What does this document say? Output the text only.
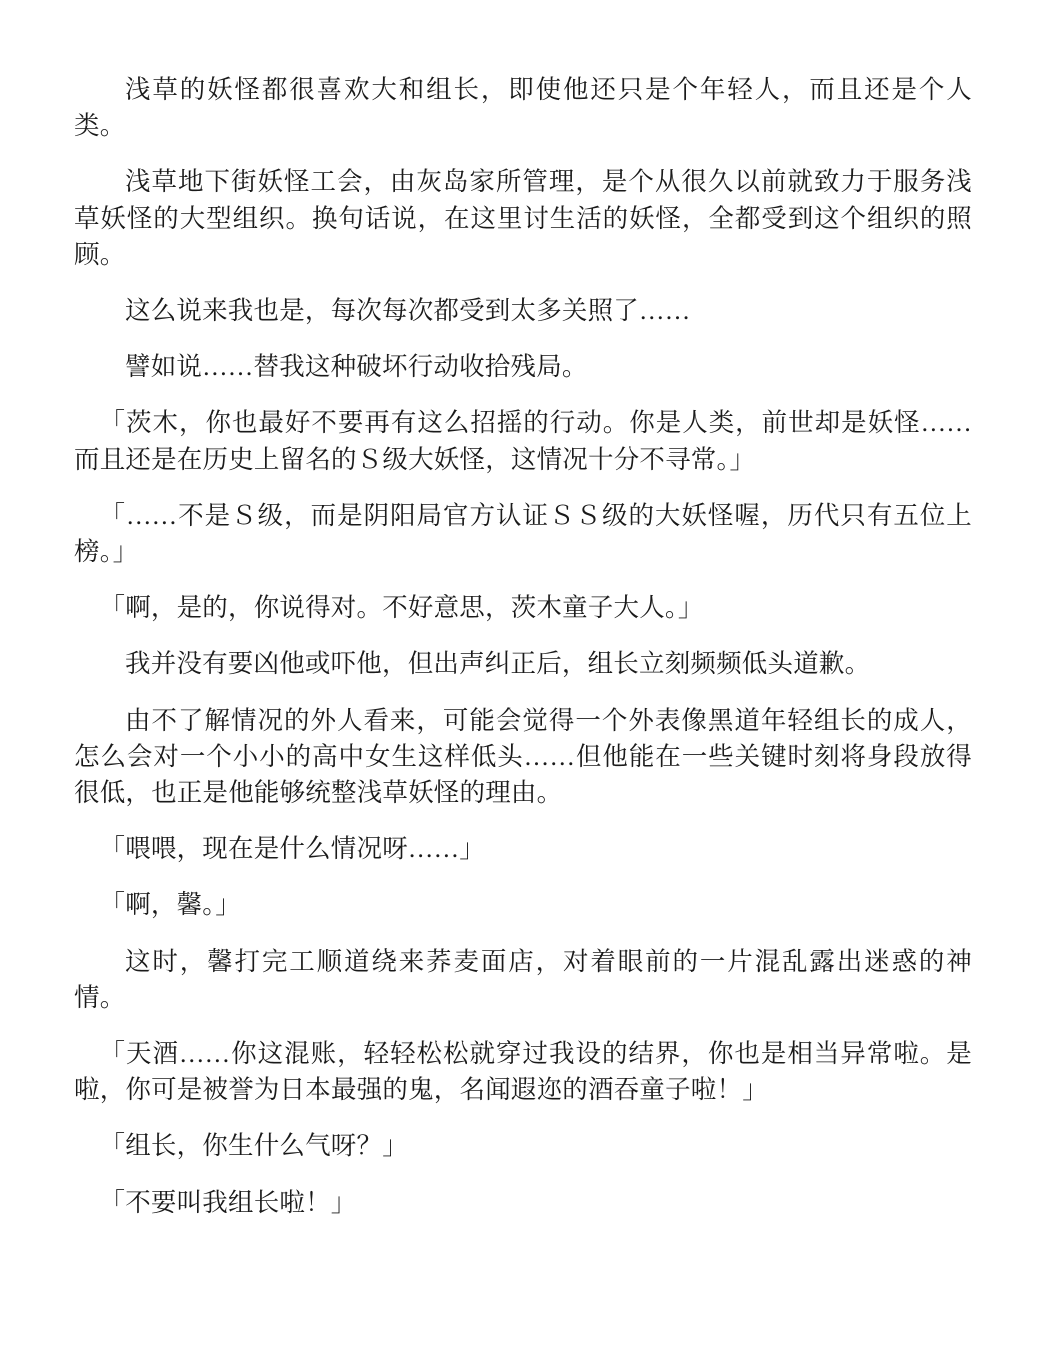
浅草的妖怪都很喜欢大和组长，即使他还只是个年轻人，而且还是个人类。

浅草地下街妖怪工会，由灰岛家所管理，是个从很久以前就致力于服务浅草妖怪的大型组织。换句话说，在这里讨生活的妖怪，全都受到这个组织的照顾。

这么说来我也是，每次每次都受到太多关照了……

譬如说……替我这种破坏行动收拾残局。

「茨木，你也最好不要再有这么招摇的行动。你是人类，前世却是妖怪……而且还是在历史上留名的Ｓ级大妖怪，这情况十分不寻常。」

「……不是Ｓ级，而是阴阳局官方认证ＳＳ级的大妖怪喔，历代只有五位上榜。」

「啊，是的，你说得对。不好意思，茨木童子大人。」

我并没有要凶他或吓他，但出声纠正后，组长立刻频频低头道歉。

由不了解情况的外人看来，可能会觉得一个外表像黑道年轻组长的成人，怎么会对一个小小的高中女生这样低头……但他能在一些关键时刻将身段放得很低，也正是他能够统整浅草妖怪的理由。

「喂喂，现在是什么情况呀……」

「啊，馨。」

这时，馨打完工顺道绕来荞麦面店，对着眼前的一片混乱露出迷惑的神情。

「天酒……你这混账，轻轻松松就穿过我设的结界，你也是相当异常啦。是啦，你可是被誉为日本最强的鬼，名闻遐迩的酒吞童子啦！」

「组长，你生什么气呀？」

「不要叫我组长啦！」
